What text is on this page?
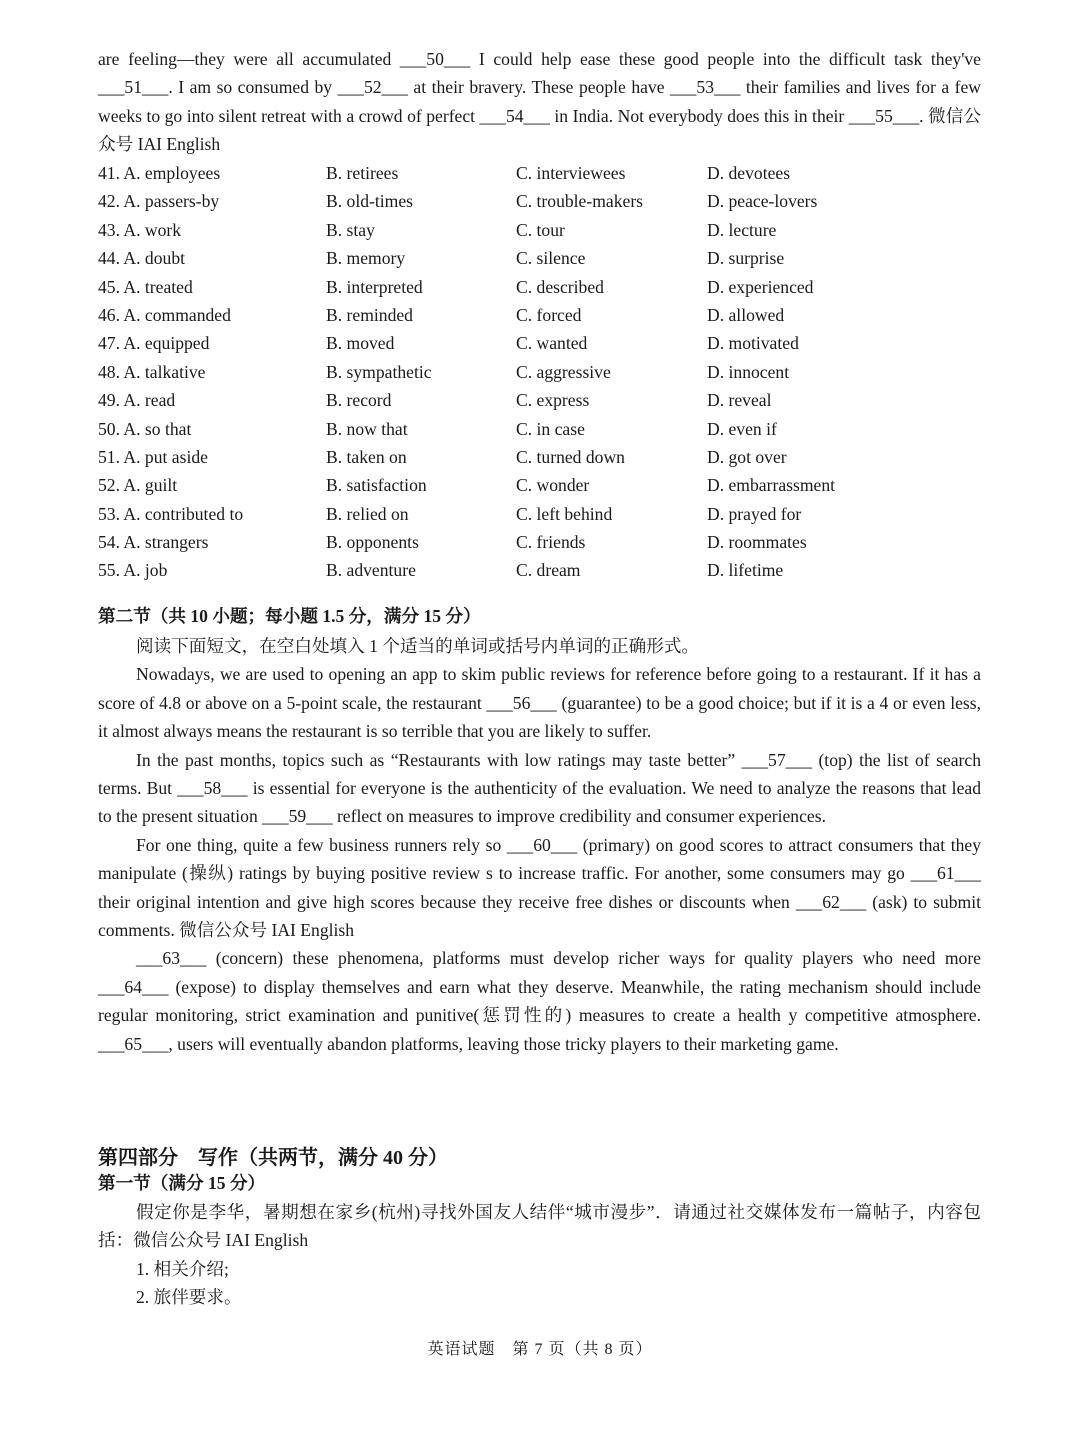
are feeling—they were all accumulated ___50___ I could help ease these good people into the difficult task they've ___51___. I am so consumed by ___52___ at their bravery. These people have ___53___ their families and lives for a few weeks to go into silent retreat with a crowd of perfect ___54___ in India. Not everybody does this in their ___55___. 微信公众号 IAI English

41. A. employees	B. retirees	C. interviewees	D. devotees
42. A. passers-by	B. old-times	C. trouble-makers	D. peace-lovers
43. A. work	B. stay	C. tour	D. lecture
44. A. doubt	B. memory	C. silence	D. surprise
45. A. treated	B. interpreted	C. described	D. experienced
46. A. commanded	B. reminded	C. forced	D. allowed
47. A. equipped	B. moved	C. wanted	D. motivated
48. A. talkative	B. sympathetic	C. aggressive	D. innocent
49. A. read	B. record	C. express	D. reveal
50. A. so that	B. now that	C. in case	D. even if
51. A. put aside	B. taken on	C. turned down	D. got over
52. A. guilt	B. satisfaction	C. wonder	D. embarrassment
53. A. contributed to	B. relied on	C. left behind	D. prayed for
54. A. strangers	B. opponents	C. friends	D. roommates
55. A. job	B. adventure	C. dream	D. lifetime
第二节（共 10 小题；每小题 1.5 分，满分 15 分）

阅读下面短文，在空白处填入 1 个适当的单词或括号内单词的正确形式。

Nowadays, we are used to opening an app to skim public reviews for reference before going to a restaurant. If it has a score of 4.8 or above on a 5-point scale, the restaurant ___56___ (guarantee) to be a good choice; but if it is a 4 or even less, it almost always means the restaurant is so terrible that you are likely to suffer.

In the past months, topics such as “Restaurants with low ratings may taste better” ___57___ (top) the list of search terms. But ___58___ is essential for everyone is the authenticity of the evaluation. We need to analyze the reasons that lead to the present situation ___59___ reflect on measures to improve credibility and consumer experiences.

For one thing, quite a few business runners rely so ___60___ (primary) on good scores to attract consumers that they manipulate (操纵) ratings by buying positive review s to increase traffic. For another, some consumers may go ___61___ their original intention and give high scores because they receive free dishes or discounts when ___62___ (ask) to submit comments. 微信公众号 IAI English

___63___ (concern) these phenomena, platforms must develop richer ways for quality players who need more ___64___ (expose) to display themselves and earn what they deserve. Meanwhile, the rating mechanism should include regular monitoring, strict examination and punitive(惩罚性的) measures to create a health y competitive atmosphere. ___65___, users will eventually abandon platforms, leaving those tricky players to their marketing game.

第四部分　写作（共两节，满分 40 分）
第一节（满分 15 分）

假定你是李华，暑期想在家乡(杭州)寻找外国友人结伴“城市漫步”．请通过社交媒体发布一篇帖子，内容包括：微信公众号 IAI English

1. 相关介绍;

2. 旅伴要求。

英语试题　第 7 页（共 8 页）
